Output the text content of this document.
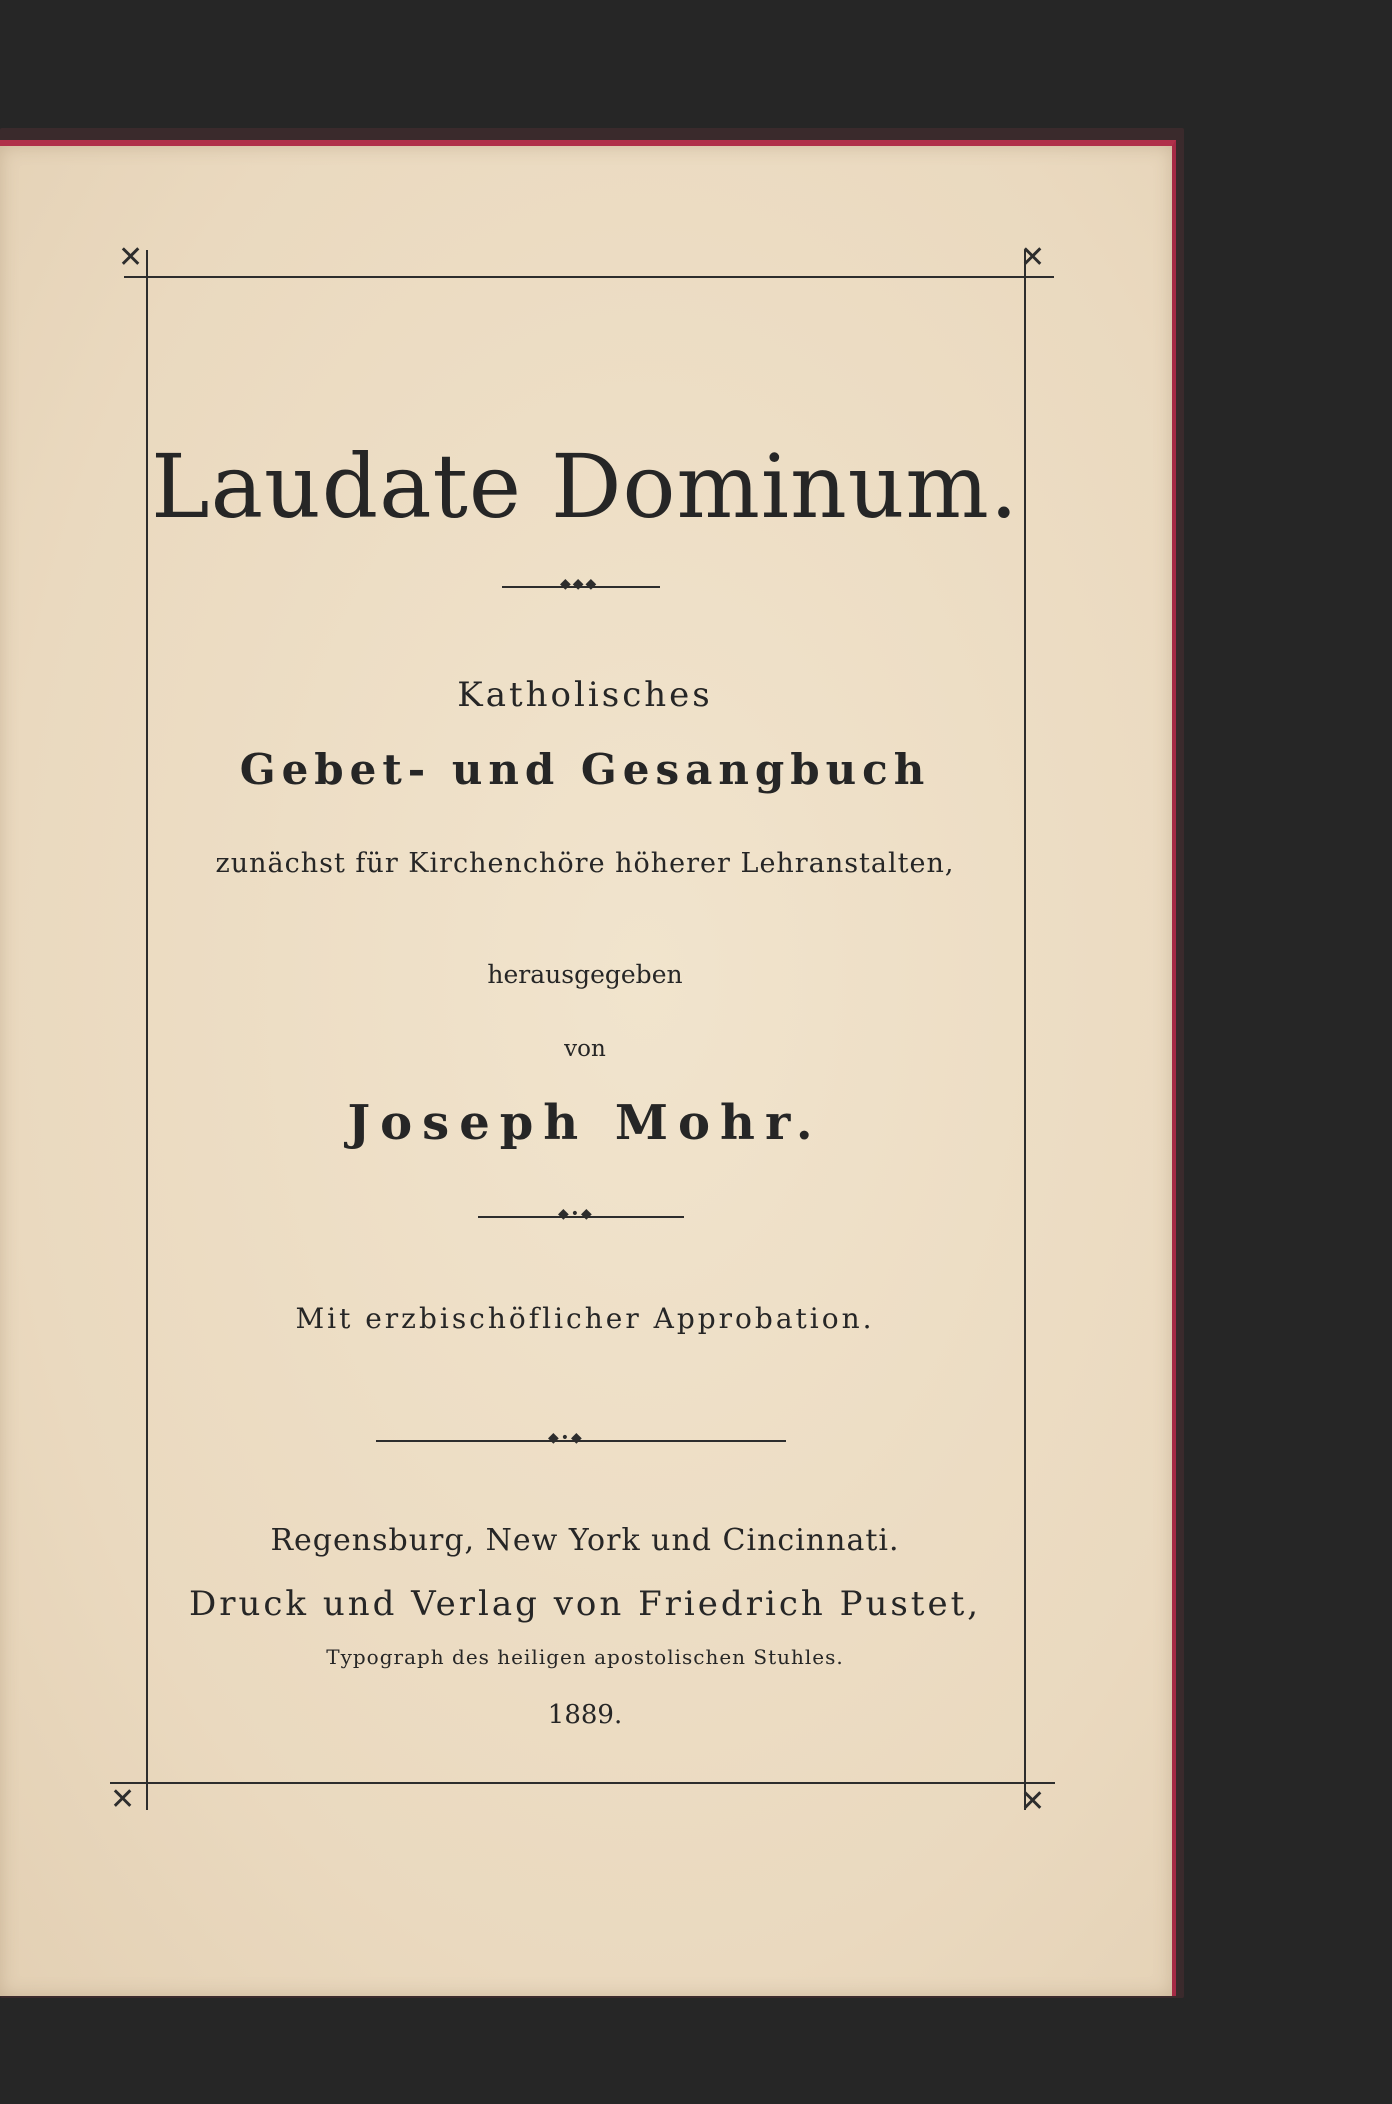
✕	✕
✕	✕
Laudate Dominum.
◆◆◆
Katholisches
Gebet- und Gesangbuch
zunächst für Kirchenchöre höherer Lehranstalten,
herausgegeben
von
Joseph Mohr.
◆•◆
Mit erzbischöflicher Approbation.
◆•◆
Regensburg, New York und Cincinnati.
Druck und Verlag von Friedrich Pustet,
Typograph des heiligen apostolischen Stuhles.
1889.
